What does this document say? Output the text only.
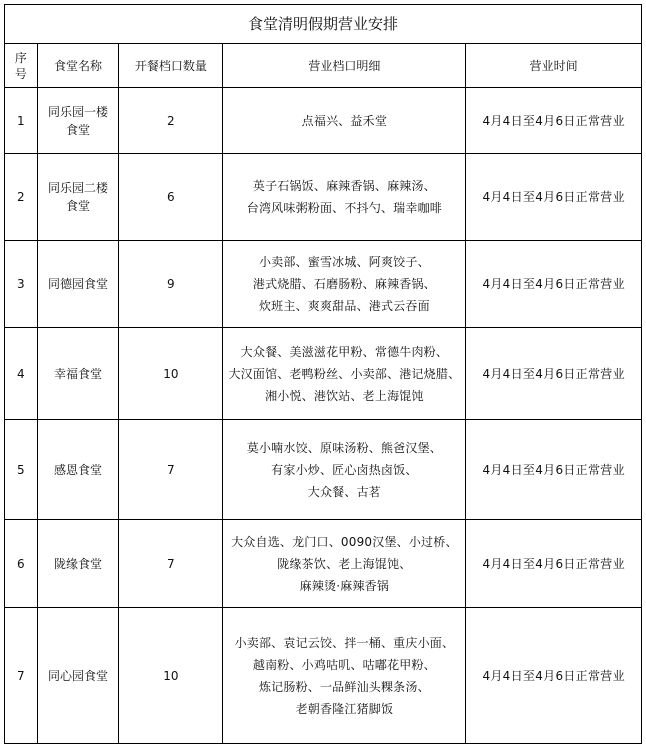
食堂清明假期营业安排				
序号	食堂名称	开餐档口数量	营业档口明细	营业时间
1	同乐园一楼
食堂	2	点福兴、益禾堂	4月4日至4月6日正常营业
2	同乐园二楼
食堂	6	英子石锅饭、麻辣香锅、麻辣汤、
台湾风味粥粉面、不抖勺、瑞幸咖啡	4月4日至4月6日正常营业
3	同德园食堂	9	小卖部、蜜雪冰城、阿爽饺子、
港式烧腊、石磨肠粉、麻辣香锅、
炊班主、爽爽甜品、港式云吞面	4月4日至4月6日正常营业
4	幸福食堂	10	大众餐、美滋滋花甲粉、常德牛肉粉、
大汉面馆、老鸭粉丝、小卖部、港记烧腊、
湘小悦、港饮站、老上海馄饨	4月4日至4月6日正常营业
5	感恩食堂	7	莫小喃水饺、原味汤粉、熊爸汉堡、
有家小炒、匠心卤热卤饭、
大众餐、古茗	4月4日至4月6日正常营业
6	陇缘食堂	7	大众自选、龙门口、0090汉堡、小过桥、
陇缘茶饮、老上海馄饨、
麻辣烫·麻辣香锅	4月4日至4月6日正常营业
7	同心园食堂	10	小卖部、袁记云饺、拌一桶、重庆小面、
越南粉、小鸡咕叽、咕嘟花甲粉、
炼记肠粉、一品鲜汕头粿条汤、
老朝香隆江猪脚饭	4月4日至4月6日正常营业
